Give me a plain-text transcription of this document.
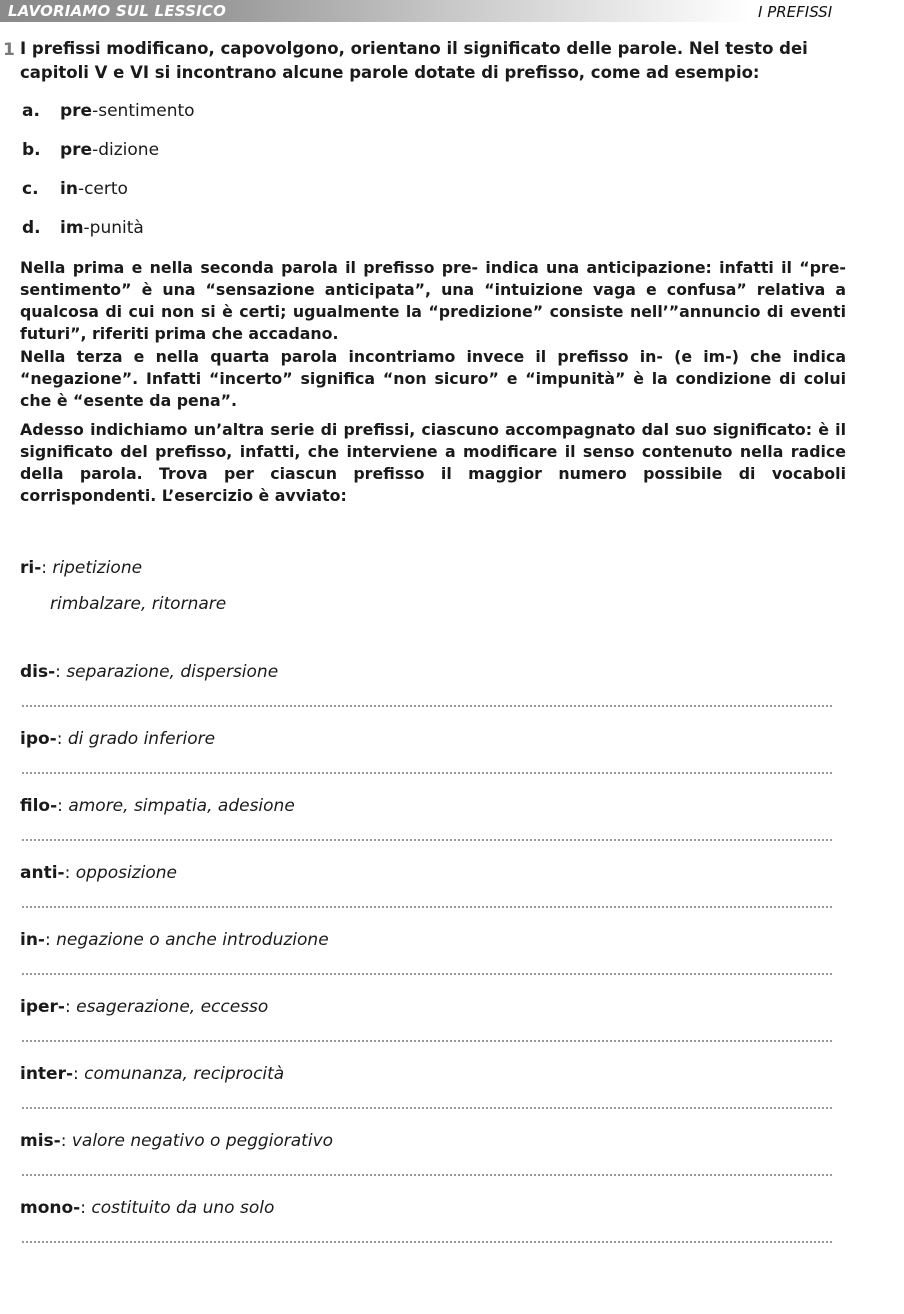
LAVORIAMO SUL LESSICO	I PREFISSI
1 I prefissi modificano, capovolgono, orientano il significato delle parole. Nel testo dei capitoli V e VI si incontrano alcune parole dotate di prefisso, come ad esempio:
a. pre-sentimento
b. pre-dizione
c. in-certo
d. im-punità
Nella prima e nella seconda parola il prefisso pre- indica una anticipazione: infatti il “pre-sentimento” è una “sensazione anticipata”, una “intuizione vaga e confusa” relativa a qualcosa di cui non si è certi; ugualmente la “predizione” consiste nell’”annuncio di eventi futuri”, riferiti prima che accadano.
Nella terza e nella quarta parola incontriamo invece il prefisso in- (e im-) che indica “negazione”. Infatti “incerto” significa “non sicuro” e “impunità” è la condizione di colui che è “esente da pena”.
Adesso indichiamo un’altra serie di prefissi, ciascuno accompagnato dal suo significato: è il significato del prefisso, infatti, che interviene a modificare il senso contenuto nella radice della parola. Trova per ciascun prefisso il maggior numero possibile di vocaboli corrispondenti. L’esercizio è avviato:
ri-: ripetizione
rimbalzare, ritornare
dis-: separazione, dispersione
ipo-: di grado inferiore
filo-: amore, simpatia, adesione
anti-: opposizione
in-: negazione o anche introduzione
iper-: esagerazione, eccesso
inter-: comunanza, reciprocità
mis-: valore negativo o peggiorativo
mono-: costituito da uno solo
